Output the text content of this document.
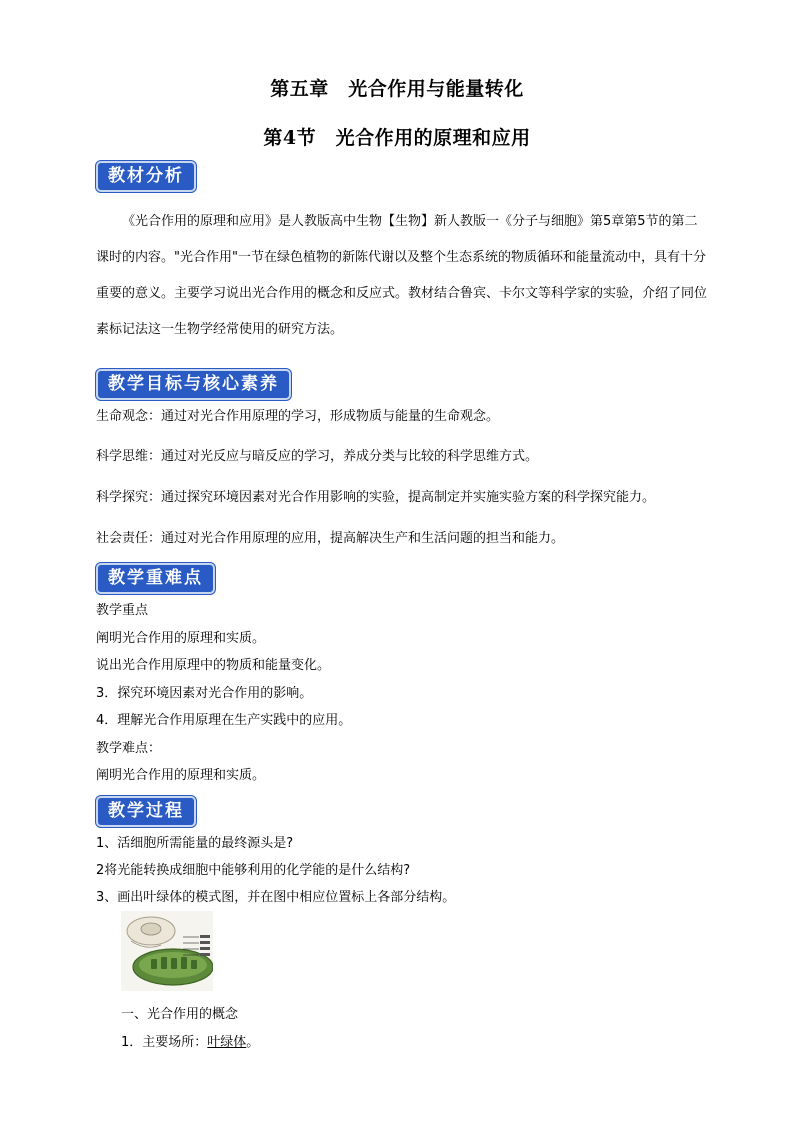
第五章　光合作用与能量转化
第4节　光合作用的原理和应用
教材分析
《光合作用的原理和应用》是人教版高中生物【生物】新人教版一《分子与细胞》第5章第5节的第二课时的内容。"光合作用"一节在绿色植物的新陈代谢以及整个生态系统的物质循环和能量流动中，具有十分重要的意义。主要学习说出光合作用的概念和反应式。教材结合鲁宾、卡尔文等科学家的实验，介绍了同位素标记法这一生物学经常使用的研究方法。
教学目标与核心素养
生命观念：通过对光合作用原理的学习，形成物质与能量的生命观念。
科学思维：通过对光反应与暗反应的学习，养成分类与比较的科学思维方式。
科学探究：通过探究环境因素对光合作用影响的实验，提高制定并实施实验方案的科学探究能力。
社会责任：通过对光合作用原理的应用，提高解决生产和生活问题的担当和能力。
教学重难点
教学重点
阐明光合作用的原理和实质。
说出光合作用原理中的物质和能量变化。
3．探究环境因素对光合作用的影响。
4．理解光合作用原理在生产实践中的应用。
教学难点：
阐明光合作用的原理和实质。
教学过程
1、活细胞所需能量的最终源头是?
2将光能转换成细胞中能够利用的化学能的是什么结构?
3、画出叶绿体的模式图，并在图中相应位置标上各部分结构。
一、光合作用的概念
1．主要场所：叶绿体。
